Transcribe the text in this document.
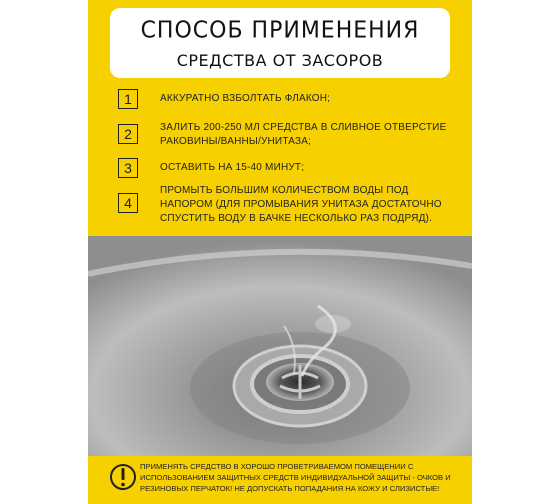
СПОСОБ ПРИМЕНЕНИЯ
СРЕДСТВА ОТ ЗАСОРОВ
1	АККУРАТНО ВЗБОЛТАТЬ ФЛАКОН;
2	ЗАЛИТЬ 200-250 МЛ СРЕДСТВА В СЛИВНОЕ ОТВЕРСТИЕ РАКОВИНЫ/ВАННЫ/УНИТАЗА;
3	ОСТАВИТЬ НА 15-40 МИНУТ;
4
ПРОМЫТЬ БОЛЬШИМ КОЛИЧЕСТВОМ ВОДЫ ПОД НАПОРОМ (ДЛЯ ПРОМЫВАНИЯ УНИТАЗА ДОСТАТОЧНО СПУСТИТЬ ВОДУ В БАЧКЕ НЕСКОЛЬКО РАЗ ПОДРЯД).
ПРИМЕНЯТЬ СРЕДСТВО В ХОРОШО ПРОВЕТРИВАЕМОМ ПОМЕЩЕНИИ С ИСПОЛЬЗОВАНИЕМ ЗАЩИТНЫХ СРЕДСТВ ИНДИВИДУАЛЬНОЙ ЗАЩИТЫ - ОЧКОВ И РЕЗИНОВЫХ ПЕРЧАТОК! НЕ ДОПУСКАТЬ ПОПАДАНИЯ НА КОЖУ И СЛИЗИСТЫЕ!
